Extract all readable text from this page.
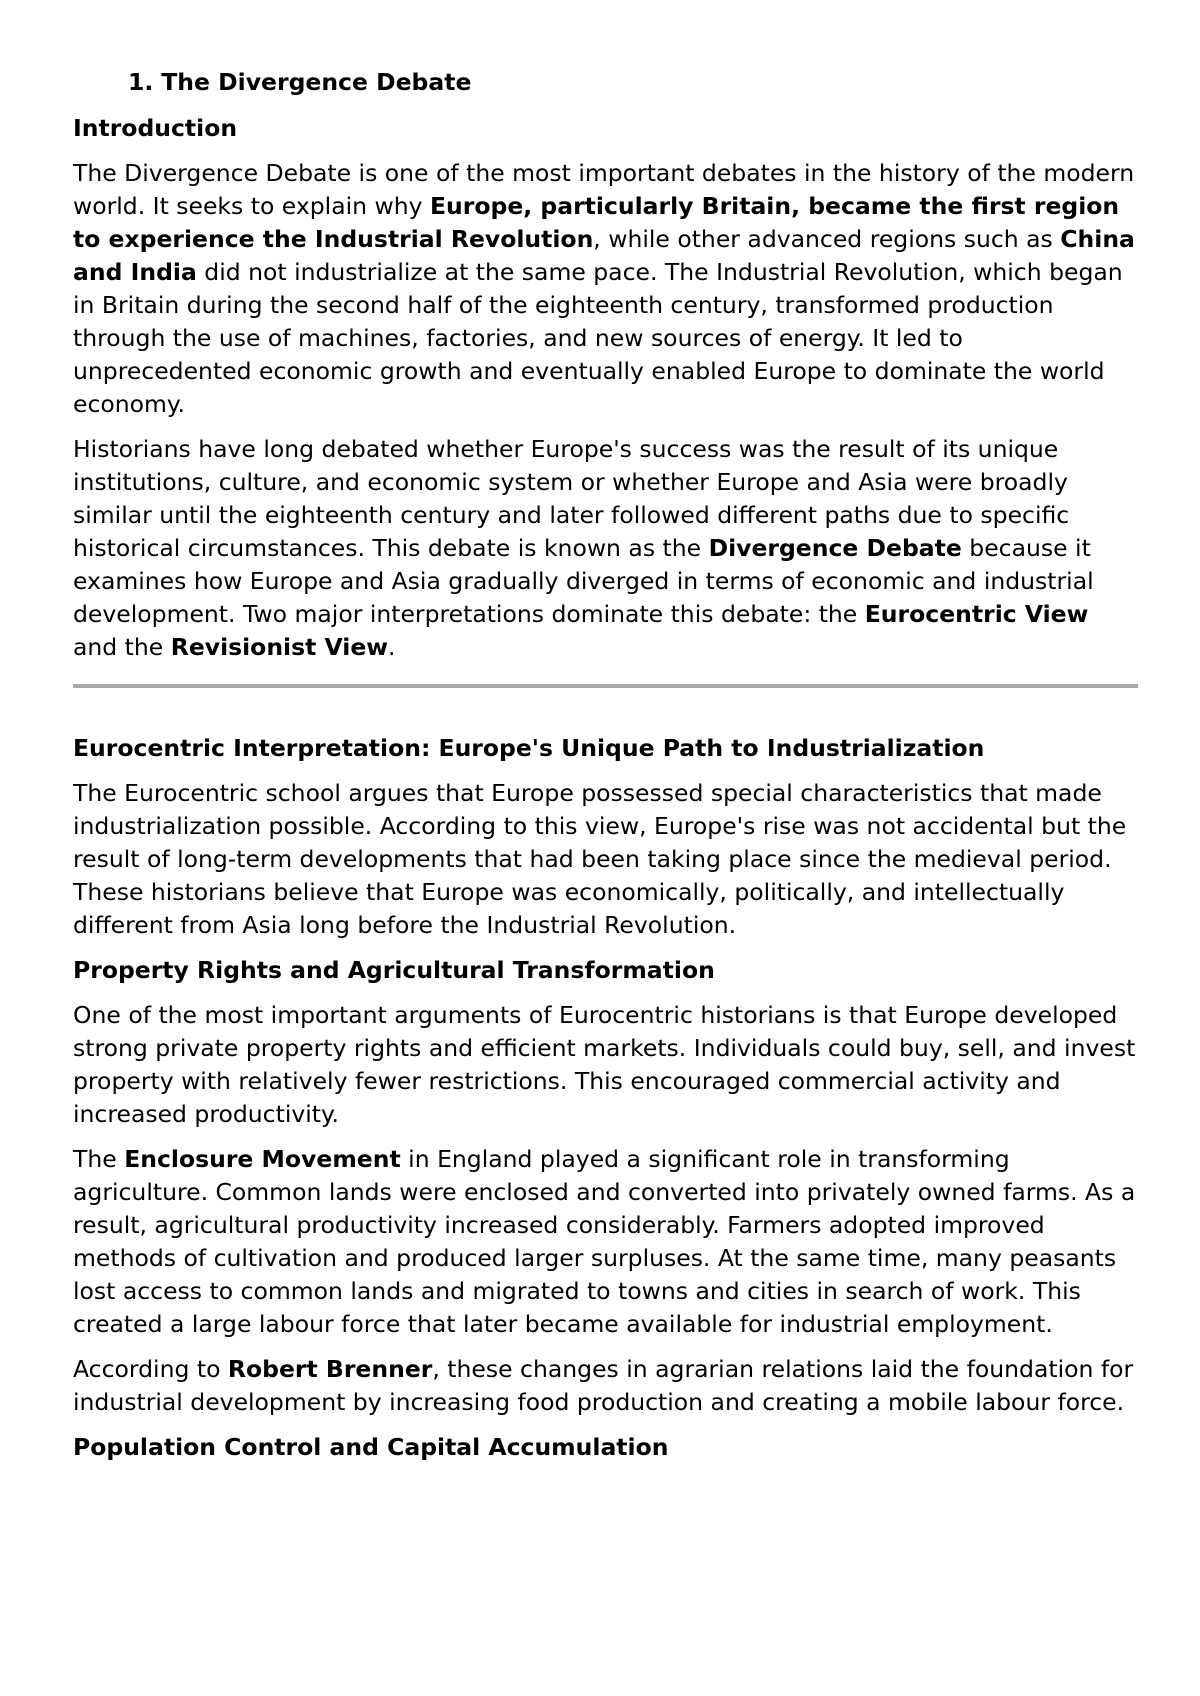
1. The Divergence Debate
Introduction

The Divergence Debate is one of the most important debates in the history of the modern world. It seeks to explain why Europe, particularly Britain, became the first region to experience the Industrial Revolution, while other advanced regions such as China and India did not industrialize at the same pace. The Industrial Revolution, which began in Britain during the second half of the eighteenth century, transformed production through the use of machines, factories, and new sources of energy. It led to unprecedented economic growth and eventually enabled Europe to dominate the world economy.

Historians have long debated whether Europe's success was the result of its unique institutions, culture, and economic system or whether Europe and Asia were broadly similar until the eighteenth century and later followed different paths due to specific historical circumstances. This debate is known as the Divergence Debate because it examines how Europe and Asia gradually diverged in terms of economic and industrial development. Two major interpretations dominate this debate: the Eurocentric View and the Revisionist View.

Eurocentric Interpretation: Europe's Unique Path to Industrialization

The Eurocentric school argues that Europe possessed special characteristics that made industrialization possible. According to this view, Europe's rise was not accidental but the result of long-term developments that had been taking place since the medieval period. These historians believe that Europe was economically, politically, and intellectually different from Asia long before the Industrial Revolution.

Property Rights and Agricultural Transformation

One of the most important arguments of Eurocentric historians is that Europe developed strong private property rights and efficient markets. Individuals could buy, sell, and invest property with relatively fewer restrictions. This encouraged commercial activity and increased productivity.

The Enclosure Movement in England played a significant role in transforming agriculture. Common lands were enclosed and converted into privately owned farms. As a result, agricultural productivity increased considerably. Farmers adopted improved methods of cultivation and produced larger surpluses. At the same time, many peasants lost access to common lands and migrated to towns and cities in search of work. This created a large labour force that later became available for industrial employment.

According to Robert Brenner, these changes in agrarian relations laid the foundation for industrial development by increasing food production and creating a mobile labour force.

Population Control and Capital Accumulation
